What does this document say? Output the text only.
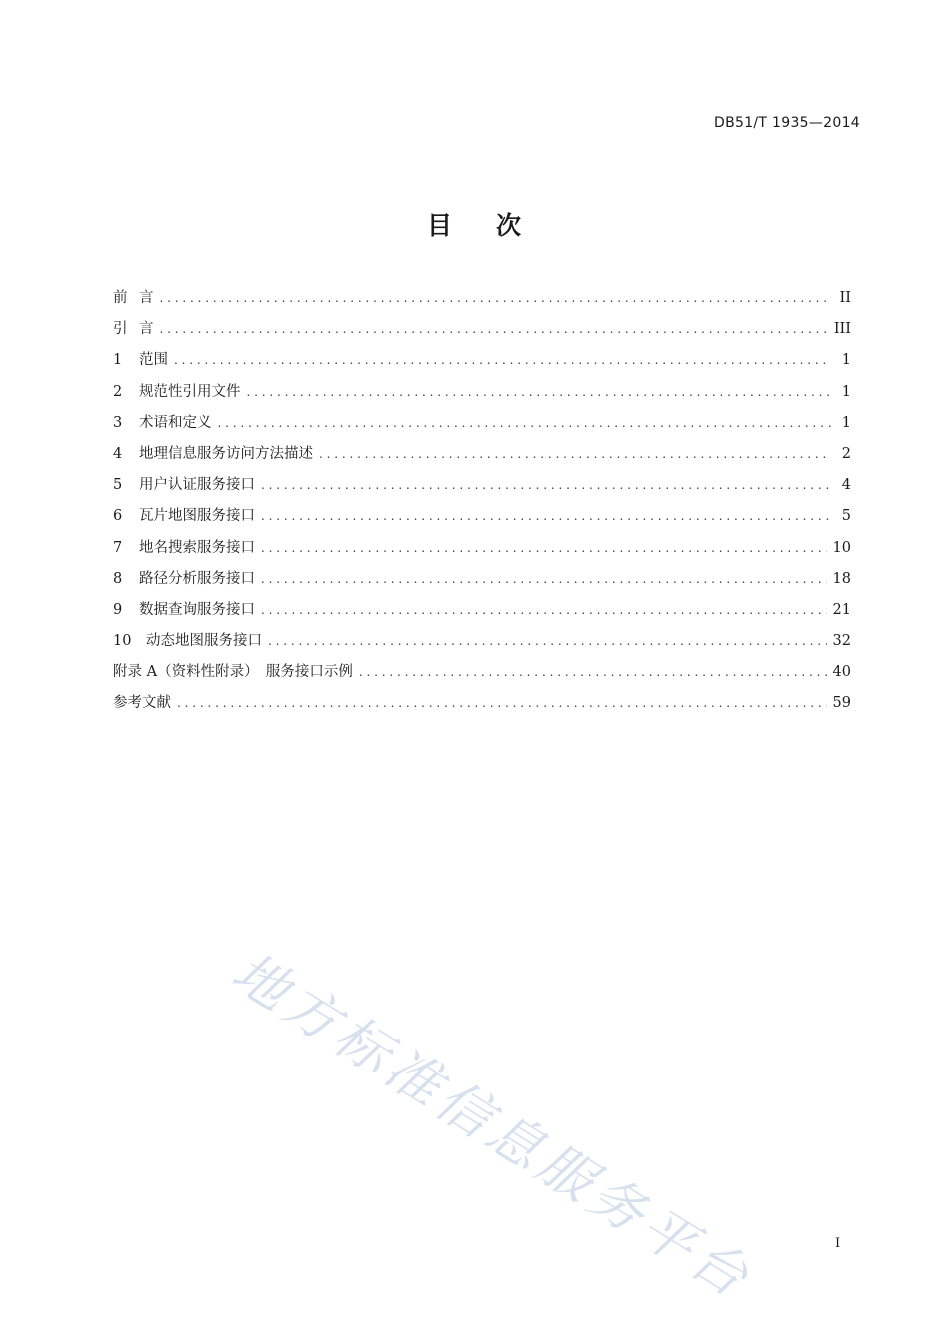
DB51/T 1935—2014
目 次
前 言 . . .	II
引 言 . . .	III
1	范围 . . .	1
2	规范性引用文件 . . .	1
3	术语和定义 . . .	1
4	地理信息服务访问方法描述 . . .	2
5	用户认证服务接口 . . .	4
6	瓦片地图服务接口 . . .	5
7	地名搜索服务接口 . . .	10
8	路径分析服务接口 . . .	18
9	数据查询服务接口 . . .	21
10	动态地图服务接口 . . .	32
附录 A（资料性附录）　服务接口示例 . . .	40
参考文献 . . .	59
地方标准信息服务平台	I
